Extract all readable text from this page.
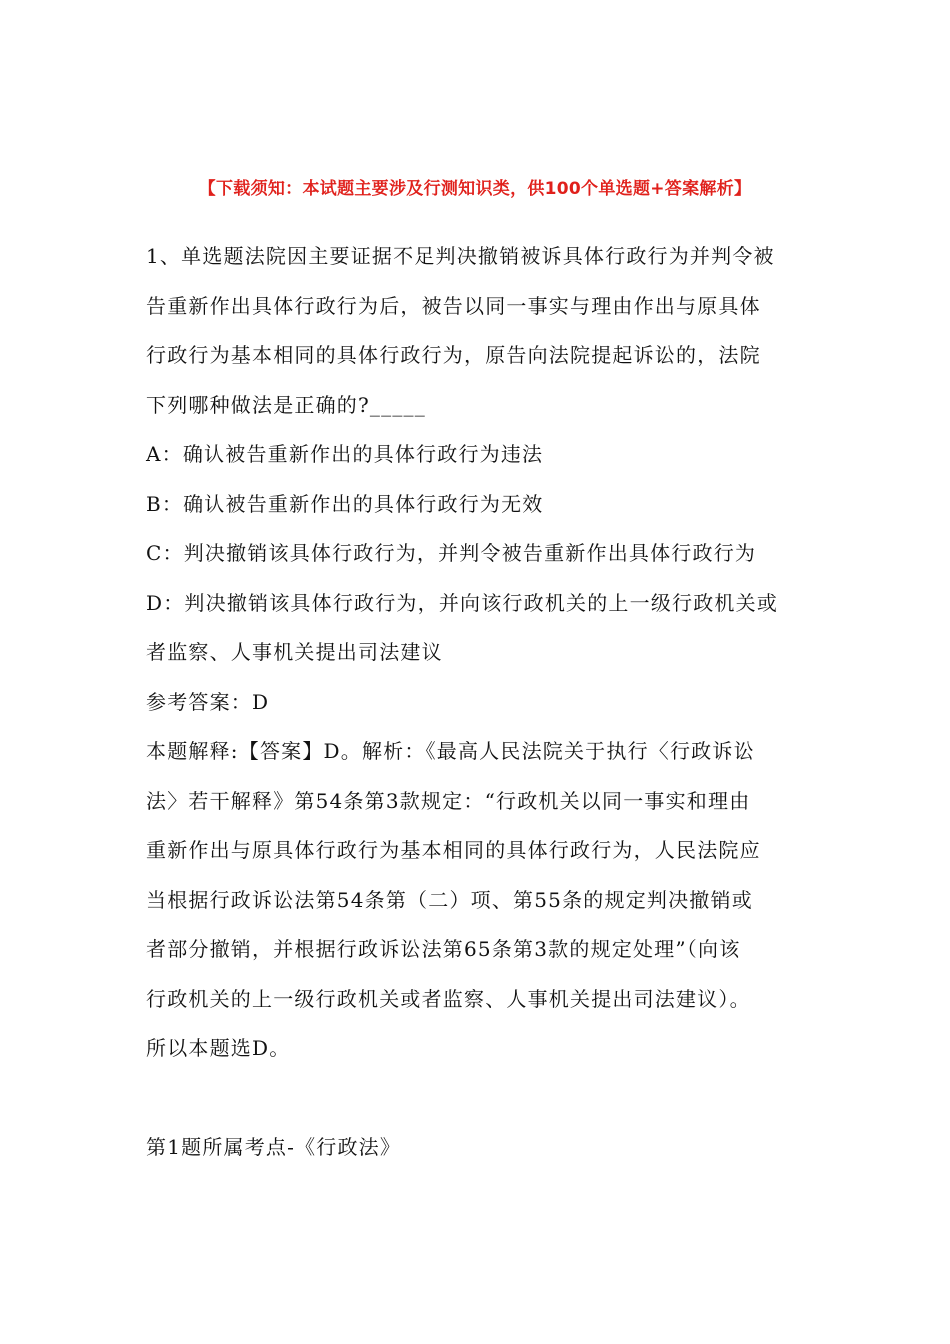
【下载须知：本试题主要涉及行测知识类，供100个单选题+答案解析】
1、单选题法院因主要证据不足判决撤销被诉具体行政行为并判令被
告重新作出具体行政行为后，被告以同一事实与理由作出与原具体
行政行为基本相同的具体行政行为，原告向法院提起诉讼的，法院
下列哪种做法是正确的?_____
A：确认被告重新作出的具体行政行为违法
B：确认被告重新作出的具体行政行为无效
C：判决撤销该具体行政行为，并判令被告重新作出具体行政行为
D：判决撤销该具体行政行为，并向该行政机关的上一级行政机关或
者监察、人事机关提出司法建议
参考答案：D
本题解释:【答案】D。解析：《最高人民法院关于执行〈行政诉讼
法〉若干解释》第54条第3款规定：“行政机关以同一事实和理由
重新作出与原具体行政行为基本相同的具体行政行为，人民法院应
当根据行政诉讼法第54条第（二）项、第55条的规定判决撤销或
者部分撤销，并根据行政诉讼法第65条第3款的规定处理”（向该
行政机关的上一级行政机关或者监察、人事机关提出司法建议）。
所以本题选D。
第1题所属考点-《行政法》
